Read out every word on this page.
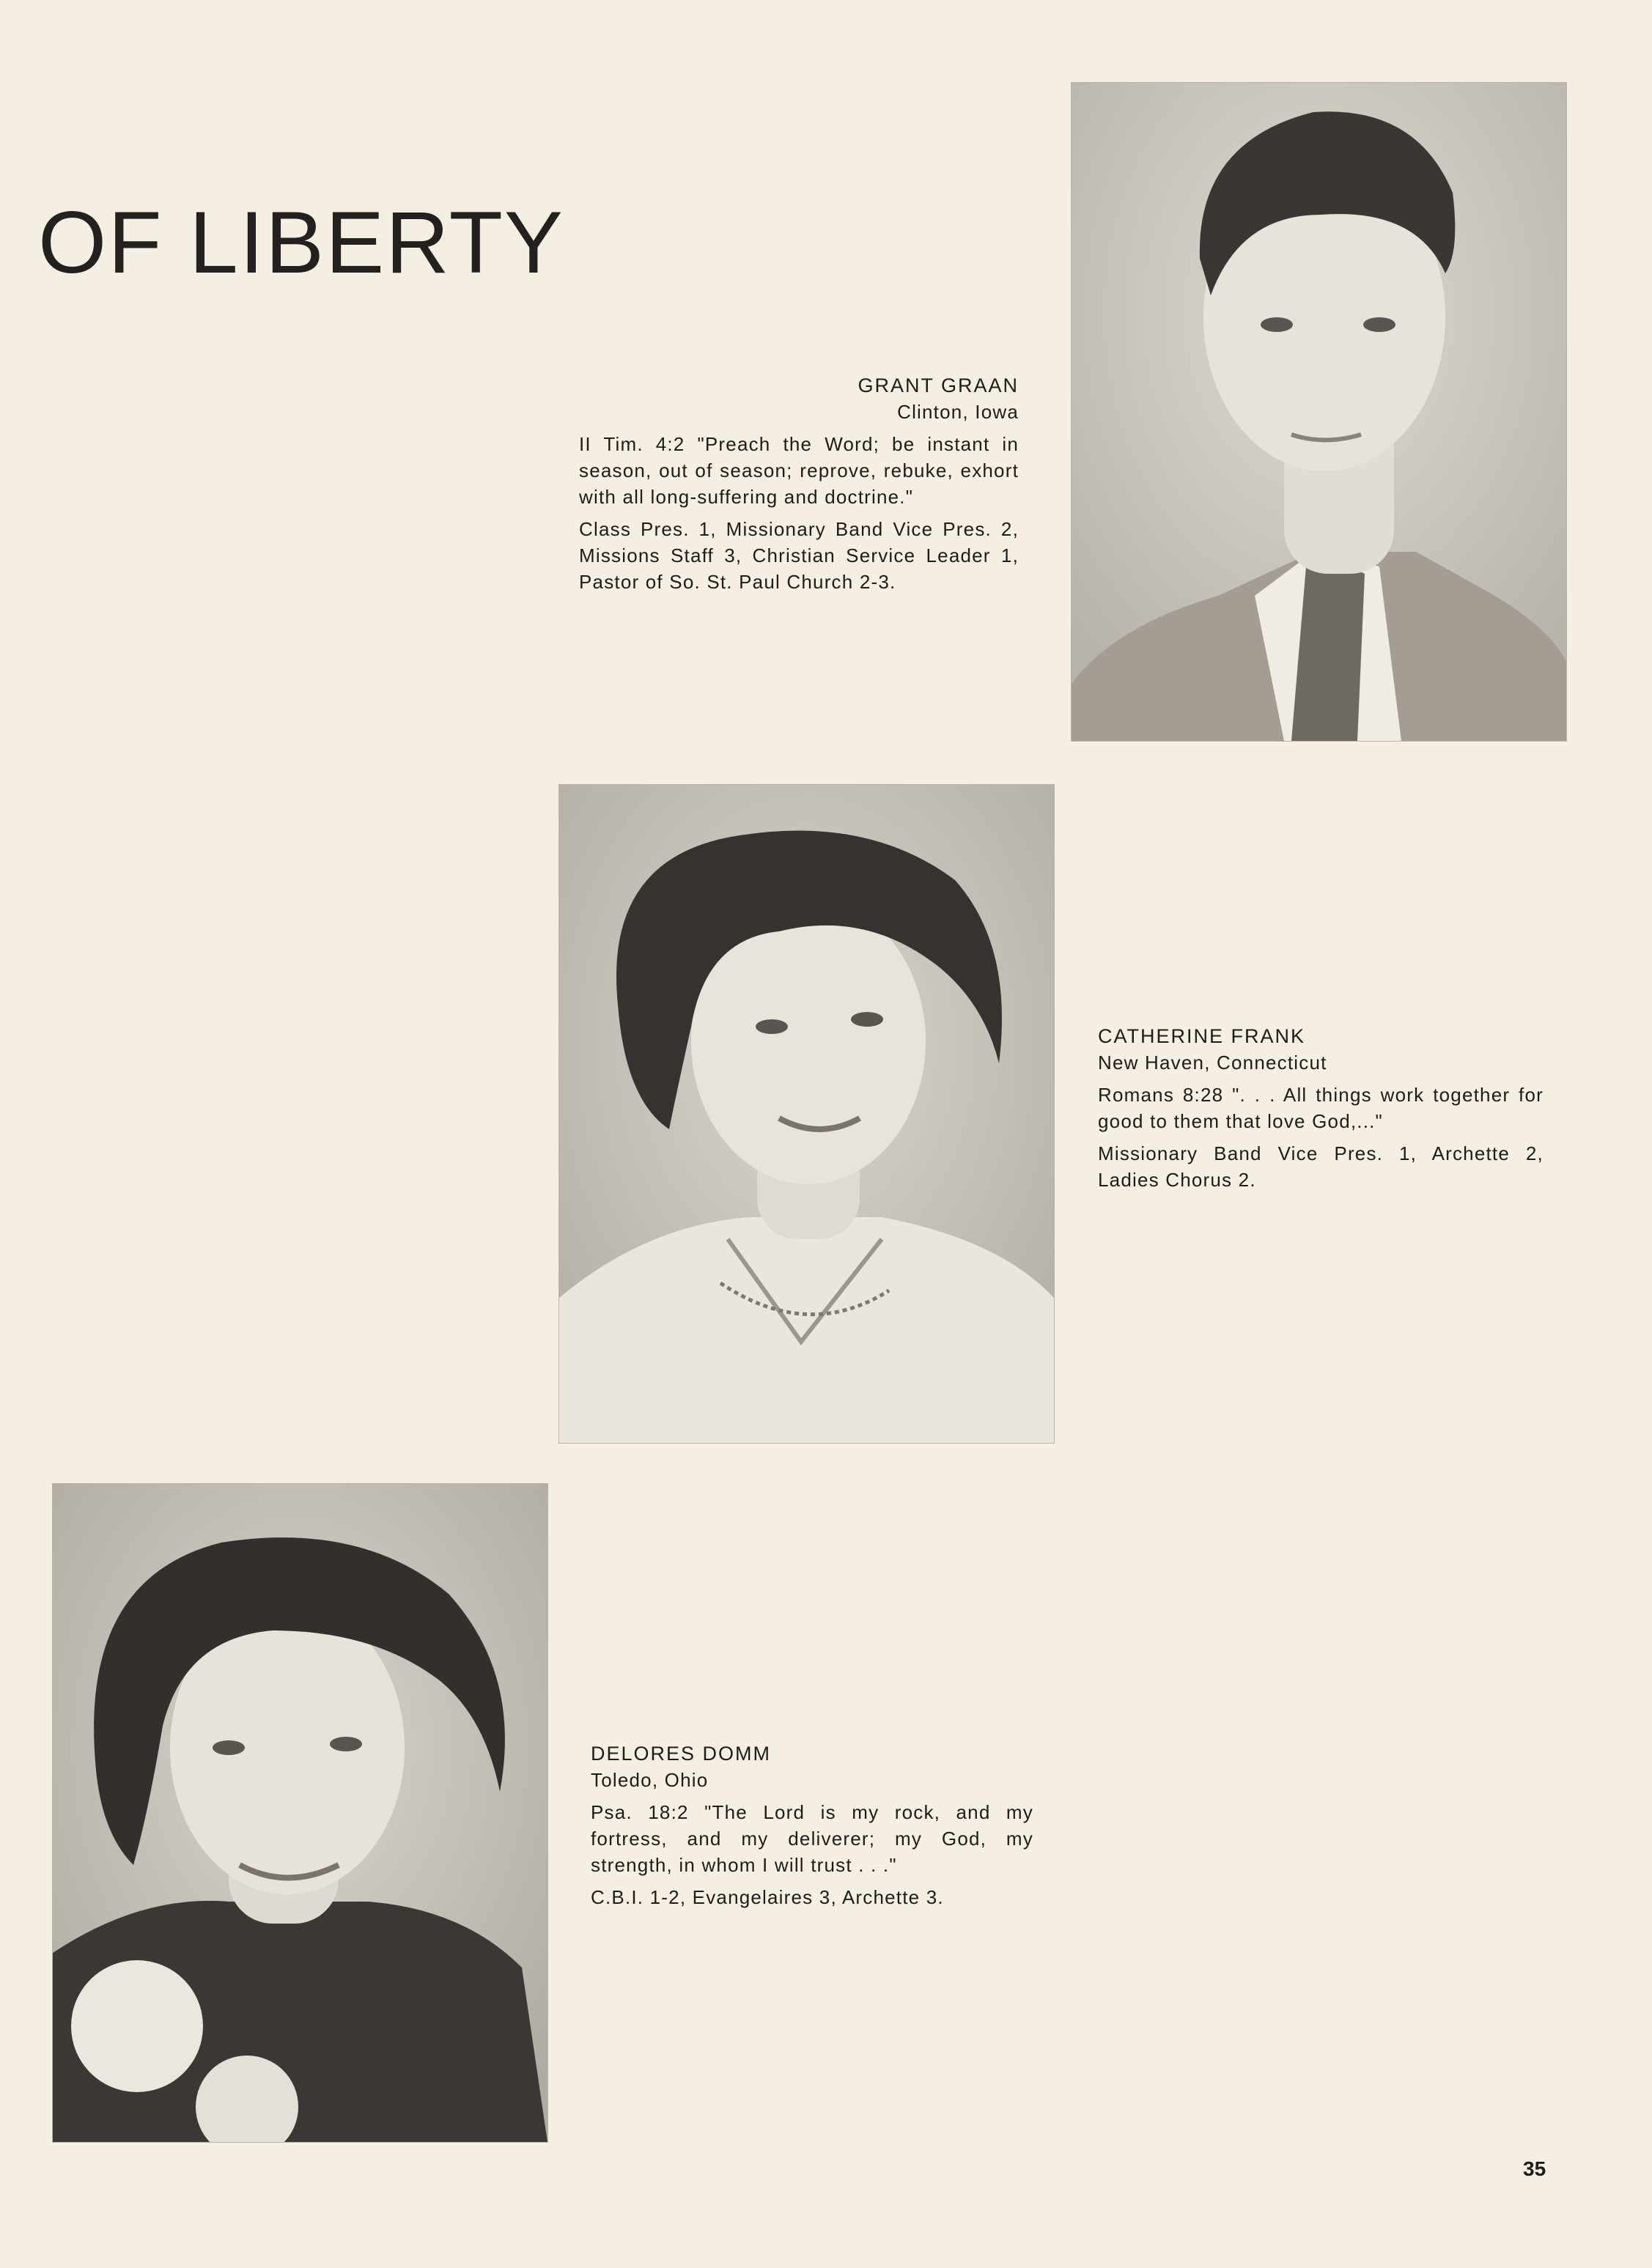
OF LIBERTY

GRANT GRAAN

Clinton, Iowa

II Tim. 4:2 "Preach the Word; be instant in season, out of season; reprove, rebuke, exhort with all long-suffering and doctrine."

Class Pres. 1, Missionary Band Vice Pres. 2, Missions Staff 3, Christian Service Leader 1, Pastor of So. St. Paul Church 2-3.

CATHERINE FRANK

New Haven, Connecticut

Romans 8:28 ". . . All things work together for good to them that love God,..."

Missionary Band Vice Pres. 1, Archette 2, Ladies Chorus 2.

DELORES DOMM

Toledo, Ohio

Psa. 18:2 "The Lord is my rock, and my fortress, and my deliverer; my God, my strength, in whom I will trust . . ."

C.B.I. 1-2, Evangelaires 3, Archette 3.

35
